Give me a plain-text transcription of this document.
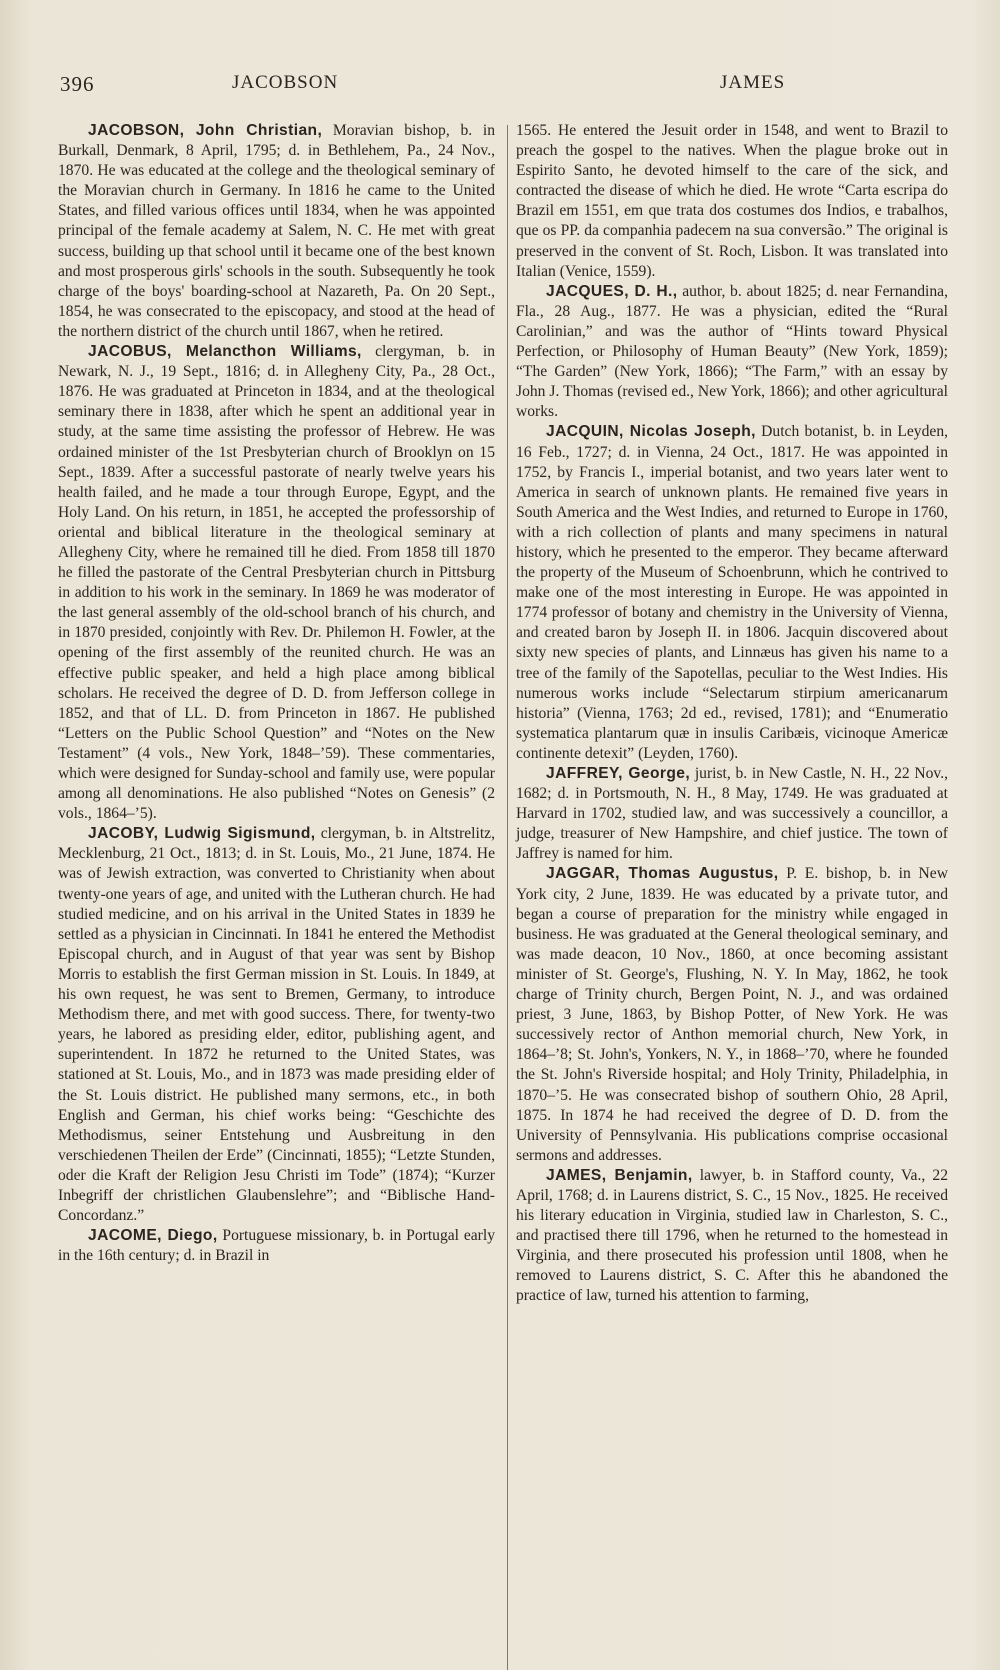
396	JACOBSON	JAMES

JACOBSON, John Christian, Moravian bishop, b. in Burkall, Denmark, 8 April, 1795; d. in Bethlehem, Pa., 24 Nov., 1870. He was educated at the college and the theological seminary of the Moravian church in Germany. In 1816 he came to the United States, and filled various offices until 1834, when he was appointed principal of the female academy at Salem, N. C. He met with great success, building up that school until it became one of the best known and most prosperous girls' schools in the south. Subsequently he took charge of the boys' boarding-school at Nazareth, Pa. On 20 Sept., 1854, he was consecrated to the episcopacy, and stood at the head of the northern district of the church until 1867, when he retired.

JACOBUS, Melancthon Williams, clergyman, b. in Newark, N. J., 19 Sept., 1816; d. in Allegheny City, Pa., 28 Oct., 1876. He was graduated at Princeton in 1834, and at the theological seminary there in 1838, after which he spent an additional year in study, at the same time assisting the professor of Hebrew. He was ordained minister of the 1st Presbyterian church of Brooklyn on 15 Sept., 1839. After a successful pastorate of nearly twelve years his health failed, and he made a tour through Europe, Egypt, and the Holy Land. On his return, in 1851, he accepted the professorship of oriental and biblical literature in the theological seminary at Allegheny City, where he remained till he died. From 1858 till 1870 he filled the pastorate of the Central Presbyterian church in Pittsburg in addition to his work in the seminary. In 1869 he was moderator of the last general assembly of the old-school branch of his church, and in 1870 presided, conjointly with Rev. Dr. Philemon H. Fowler, at the opening of the first assembly of the reunited church. He was an effective public speaker, and held a high place among biblical scholars. He received the degree of D. D. from Jefferson college in 1852, and that of LL. D. from Princeton in 1867. He published “Letters on the Public School Question” and “Notes on the New Testament” (4 vols., New York, 1848–’59). These commentaries, which were designed for Sunday-school and family use, were popular among all denominations. He also published “Notes on Genesis” (2 vols., 1864–’5).

JACOBY, Ludwig Sigismund, clergyman, b. in Altstrelitz, Mecklenburg, 21 Oct., 1813; d. in St. Louis, Mo., 21 June, 1874. He was of Jewish extraction, was converted to Christianity when about twenty-one years of age, and united with the Lutheran church. He had studied medicine, and on his arrival in the United States in 1839 he settled as a physician in Cincinnati. In 1841 he entered the Methodist Episcopal church, and in August of that year was sent by Bishop Morris to establish the first German mission in St. Louis. In 1849, at his own request, he was sent to Bremen, Germany, to introduce Methodism there, and met with good success. There, for twenty-two years, he labored as presiding elder, editor, publishing agent, and superintendent. In 1872 he returned to the United States, was stationed at St. Louis, Mo., and in 1873 was made presiding elder of the St. Louis district. He published many sermons, etc., in both English and German, his chief works being: “Geschichte des Methodismus, seiner Entstehung und Ausbreitung in den verschiedenen Theilen der Erde” (Cincinnati, 1855); “Letzte Stunden, oder die Kraft der Religion Jesu Christi im Tode” (1874); “Kurzer Inbegriff der christlichen Glaubenslehre”; and “Biblische Hand-Concordanz.”

JACOME, Diego, Portuguese missionary, b. in Portugal early in the 16th century; d. in Brazil in

1565. He entered the Jesuit order in 1548, and went to Brazil to preach the gospel to the natives. When the plague broke out in Espirito Santo, he devoted himself to the care of the sick, and contracted the disease of which he died. He wrote “Carta escripa do Brazil em 1551, em que trata dos costumes dos Indios, e trabalhos, que os PP. da companhia padecem na sua conversão.” The original is preserved in the convent of St. Roch, Lisbon. It was translated into Italian (Venice, 1559).

JACQUES, D. H., author, b. about 1825; d. near Fernandina, Fla., 28 Aug., 1877. He was a physician, edited the “Rural Carolinian,” and was the author of “Hints toward Physical Perfection, or Philosophy of Human Beauty” (New York, 1859); “The Garden” (New York, 1866); “The Farm,” with an essay by John J. Thomas (revised ed., New York, 1866); and other agricultural works.

JACQUIN, Nicolas Joseph, Dutch botanist, b. in Leyden, 16 Feb., 1727; d. in Vienna, 24 Oct., 1817. He was appointed in 1752, by Francis I., imperial botanist, and two years later went to America in search of unknown plants. He remained five years in South America and the West Indies, and returned to Europe in 1760, with a rich collection of plants and many specimens in natural history, which he presented to the emperor. They became afterward the property of the Museum of Schoenbrunn, which he contrived to make one of the most interesting in Europe. He was appointed in 1774 professor of botany and chemistry in the University of Vienna, and created baron by Joseph II. in 1806. Jacquin discovered about sixty new species of plants, and Linnæus has given his name to a tree of the family of the Sapotellas, peculiar to the West Indies. His numerous works include “Selectarum stirpium americanarum historia” (Vienna, 1763; 2d ed., revised, 1781); and “Enumeratio systematica plantarum quæ in insulis Caribæis, vicinoque Americæ continente detexit” (Leyden, 1760).

JAFFREY, George, jurist, b. in New Castle, N. H., 22 Nov., 1682; d. in Portsmouth, N. H., 8 May, 1749. He was graduated at Harvard in 1702, studied law, and was successively a councillor, a judge, treasurer of New Hampshire, and chief justice. The town of Jaffrey is named for him.

JAGGAR, Thomas Augustus, P. E. bishop, b. in New York city, 2 June, 1839. He was educated by a private tutor, and began a course of preparation for the ministry while engaged in business. He was graduated at the General theological seminary, and was made deacon, 10 Nov., 1860, at once becoming assistant minister of St. George's, Flushing, N. Y. In May, 1862, he took charge of Trinity church, Bergen Point, N. J., and was ordained priest, 3 June, 1863, by Bishop Potter, of New York. He was successively rector of Anthon memorial church, New York, in 1864–’8; St. John's, Yonkers, N. Y., in 1868–’70, where he founded the St. John's Riverside hospital; and Holy Trinity, Philadelphia, in 1870–’5. He was consecrated bishop of southern Ohio, 28 April, 1875. In 1874 he had received the degree of D. D. from the University of Pennsylvania. His publications comprise occasional sermons and addresses.

JAMES, Benjamin, lawyer, b. in Stafford county, Va., 22 April, 1768; d. in Laurens district, S. C., 15 Nov., 1825. He received his literary education in Virginia, studied law in Charleston, S. C., and practised there till 1796, when he returned to the homestead in Virginia, and there prosecuted his profession until 1808, when he removed to Laurens district, S. C. After this he abandoned the practice of law, turned his attention to farming,
